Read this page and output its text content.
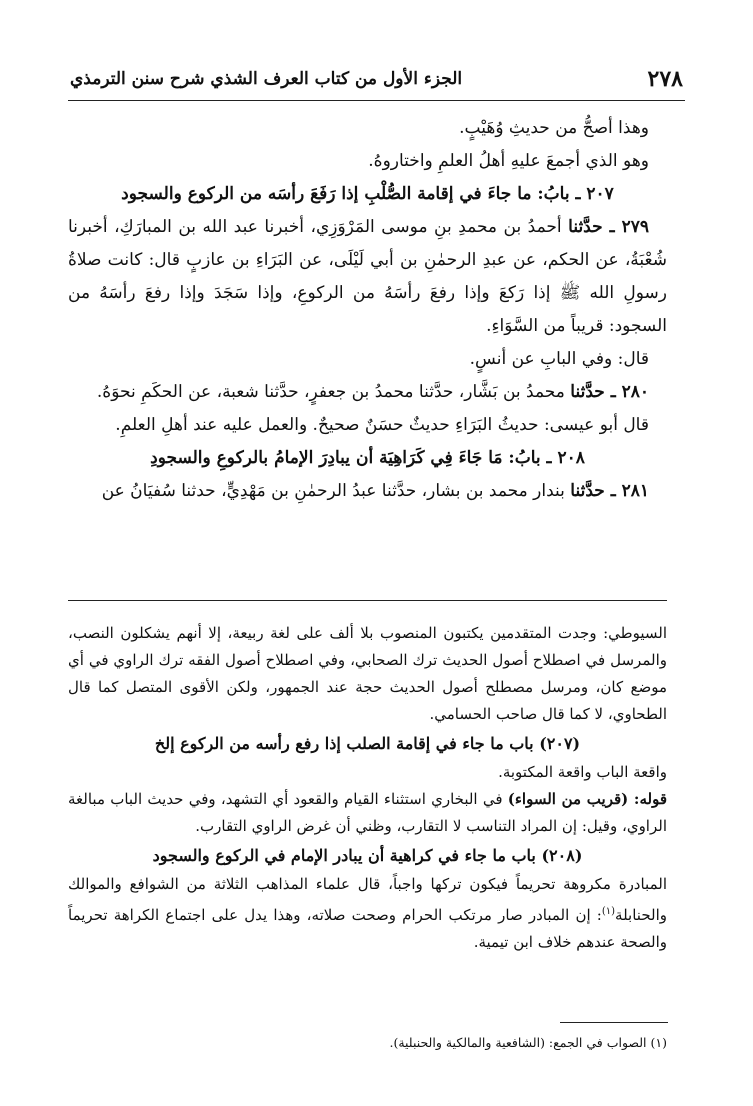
٢٧٨
الجزء الأول من كتاب العرف الشذي شرح سنن الترمذي

وهذا أصحُّ من حديثِ وُهَيْبٍ.

وهو الذي أجمعَ عليهِ أهلُ العلمِ واختاروهُ.

٢٠٧ ـ بابُ: ما جاءَ في إقامة الصُّلْبِ إذا رَفَعَ رأسَه من الركوع والسجود

٢٧٩ ـ حدَّثنا أحمدُ بن محمدِ بنِ موسى المَرْوَزِي، أخبرنا عبد الله بن المبارَكِ، أخبرنا شُعْبَةُ، عن الحكم، عن عبدِ الرحمٰنِ بن أبي لَيْلَى، عن البَرَاءِ بن عازبٍ قال: كانت صلاةُ رسولِ الله ﷺ إذا رَكعَ وإذا رفعَ رأسَهُ من الركوعِ، وإذا سَجَدَ وإذا رفعَ رأسَهُ من السجود: قريباً من السَّوَاءِ.

قال: وفي البابِ عن أنسٍ.

٢٨٠ ـ حدَّثنا محمدُ بن بَشَّار، حدَّثنا محمدُ بن جعفرٍ، حدَّثنا شعبة، عن الحكَمِ نحوَهُ.

قال أبو عيسى: حديثُ البَرَاءِ حديثٌ حسَنٌ صحيحٌ. والعمل عليه عند أهلِ العلمِ.

٢٠٨ ـ بابُ: مَا جَاءَ فِي كَرَاهِيَة أن يبادِرَ الإمامُ بالركوعِ والسجودِ

٢٨١ ـ حدَّثنا بندار محمد بن بشار، حدَّثنا عبدُ الرحمٰنِ بن مَهْدِيٍّ، حدثنا سُفيَانُ عن

السيوطي: وجدت المتقدمين يكتبون المنصوب بلا ألف على لغة ربيعة، إلا أنهم يشكلون النصب، والمرسل في اصطلاح أصول الحديث ترك الصحابي، وفي اصطلاح أصول الفقه ترك الراوي في أي موضع كان، ومرسل مصطلح أصول الحديث حجة عند الجمهور، ولكن الأقوى المتصل كما قال الطحاوي، لا كما قال صاحب الحسامي.

(٢٠٧) باب ما جاء في إقامة الصلب إذا رفع رأسه من الركوع إلخ

واقعة الباب واقعة المكتوبة.

قوله: (قريب من السواء) في البخاري استثناء القيام والقعود أي التشهد، وفي حديث الباب مبالغة الراوي، وقيل: إن المراد التناسب لا التقارب، وظني أن غرض الراوي التقارب.

(٢٠٨) باب ما جاء في كراهية أن يبادر الإمام في الركوع والسجود

المبادرة مكروهة تحريماً فيكون تركها واجباً، قال علماء المذاهب الثلاثة من الشوافع والموالك والحنابلة$^{(١)}$: إن المبادر صار مرتكب الحرام وصحت صلاته، وهذا يدل على اجتماع الكراهة تحريماً والصحة عندهم خلاف ابن تيمية.

(١) الصواب في الجمع: (الشافعية والمالكية والحنبلية).
